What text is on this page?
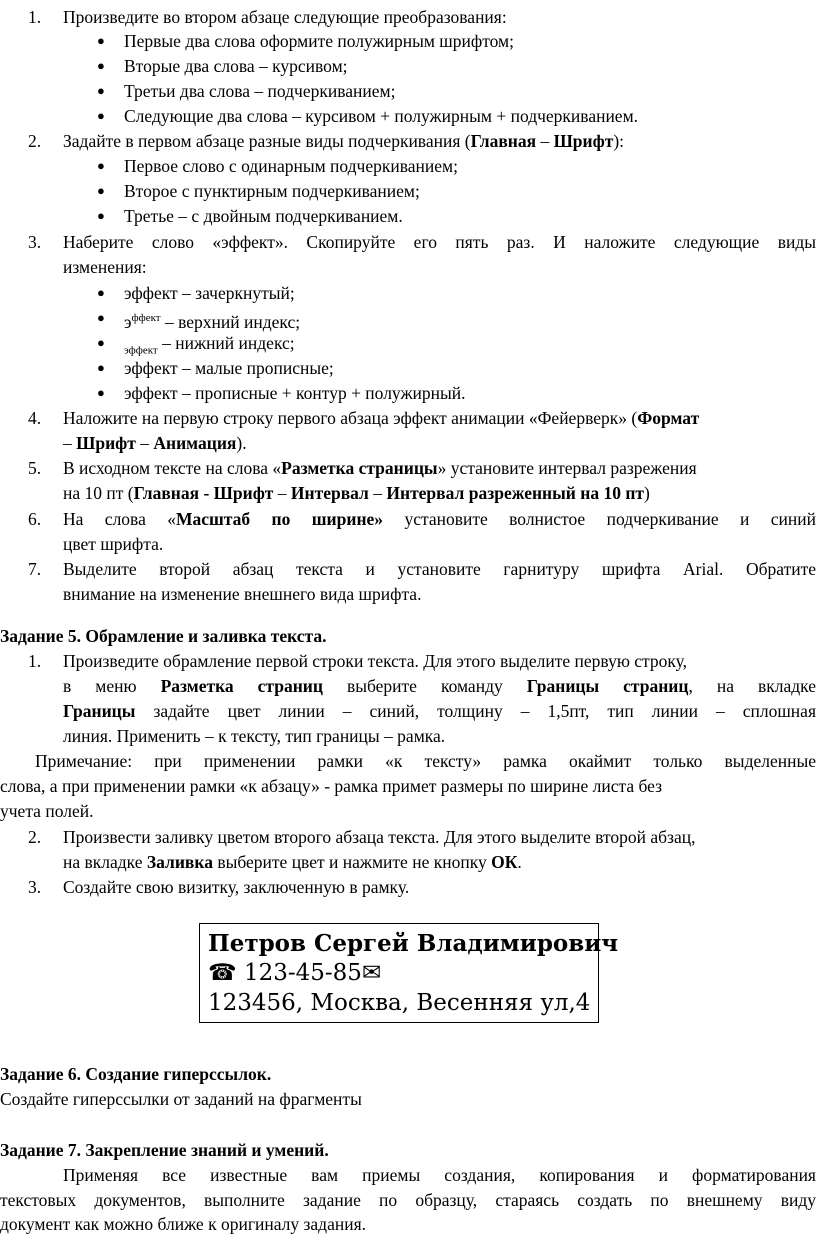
1. Произведите во втором абзаце следующие преобразования:
● Первые два слова оформите полужирным шрифтом;
● Вторые два слова – курсивом;
● Третьи два слова – подчеркиванием;
● Следующие два слова – курсивом + полужирным + подчеркиванием.
2. Задайте в первом абзаце разные виды подчеркивания (Главная – Шрифт):
● Первое слово с одинарным подчеркиванием;
● Второе с пунктирным подчеркиванием;
● Третье – с двойным подчеркиванием.
3. Наберите слово «эффект». Скопируйте его пять раз. И наложите следующие виды
изменения:
● эффект – зачеркнутый;
● $э^{ффект}$ – верхний индекс;
●
$_{эффект}$ – нижний индекс;
● эффект – малые прописные;
● эффект – прописные + контур + полужирный.
4. Наложите на первую строку первого абзаца эффект анимации «Фейерверк» (Формат
– Шрифт – Анимация).
5. В исходном тексте на слова «Разметка страницы» установите интервал разрежения
на 10 пт (Главная - Шрифт – Интервал – Интервал разреженный на 10 пт)
6. На слова «Масштаб по ширине» установите волнистое подчеркивание и синий
цвет шрифта.
7. Выделите второй абзац текста и установите гарнитуру шрифта Arial. Обратите
внимание на изменение внешнего вида шрифта.
Задание 5. Обрамление и заливка текста.
1. Произведите обрамление первой строки текста. Для этого выделите первую строку,
в меню Разметка страниц выберите команду Границы страниц, на вкладке
Границы задайте цвет линии – синий, толщину – 1,5пт, тип линии – сплошная
линия. Применить – к тексту, тип границы – рамка.
Примечание: при применении рамки «к тексту» рамка окаймит только выделенные
слова, а при применении рамки «к абзацу» - рамка примет размеры по ширине листа без
учета полей.
2. Произвести заливку цветом второго абзаца текста. Для этого выделите второй абзац,
на вкладке Заливка выберите цвет и нажмите не кнопку ОК.
3. Создайте свою визитку, заключенную в рамку.
Петров Сергей Владимирович
☎ 123-45-85✉
123456, Москва, Весенняя ул,4
Задание 6. Создание гиперссылок.
Создайте гиперссылки от заданий на фрагменты
Задание 7. Закрепление знаний и умений.
Применяя все известные вам приемы создания, копирования и форматирования
текстовых документов, выполните задание по образцу, стараясь создать по внешнему виду
документ как можно ближе к оригиналу задания.
